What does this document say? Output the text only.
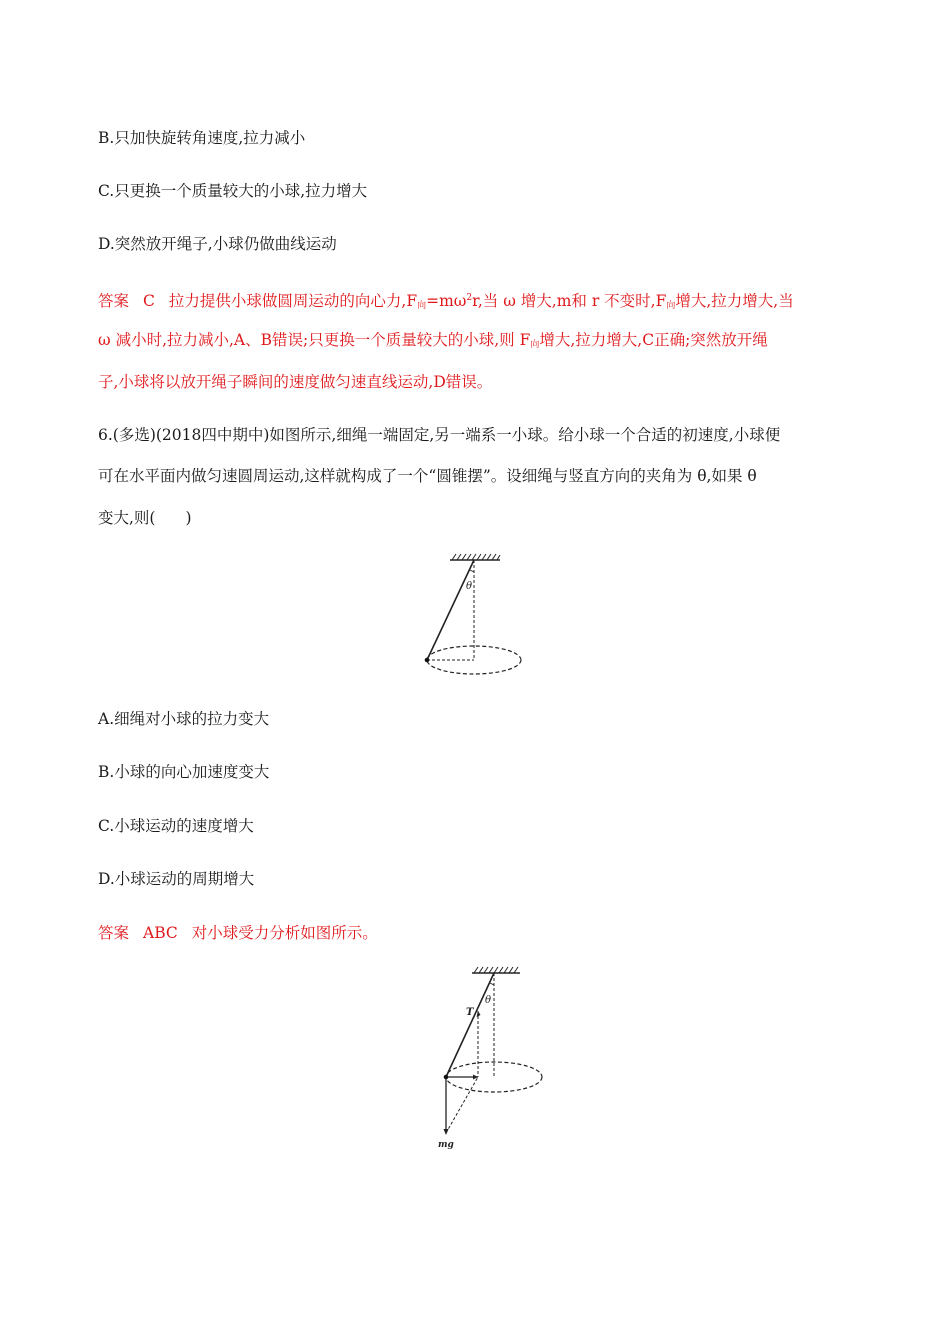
B.只加快旋转角速度,拉力减小
C.只更换一个质量较大的小球,拉力增大
D.突然放开绳子,小球仍做曲线运动
答案 C 拉力提供小球做圆周运动的向心力$,F_向=m\omega^2r$,当 ω 增大,m和 r 不变时$,F_向$增大,拉力增大,当
ω 减小时,拉力减小,A、B错误;只更换一个质量较大的小球,则 $F_向$增大,拉力增大,C正确;突然放开绳
子,小球将以放开绳子瞬间的速度做匀速直线运动,D错误。
6.(多选)(2018四中期中)如图所示,细绳一端固定,另一端系一小球。给小球一个合适的初速度,小球便
可在水平面内做匀速圆周运动,这样就构成了一个“圆锥摆”。设细绳与竖直方向的夹角为 θ,如果 θ
变大,则( )
θ
A.细绳对小球的拉力变大
B.小球的向心加速度变大
C.小球运动的速度增大
D.小球运动的周期增大
答案 ABC 对小球受力分析如图所示。
θ
T
mg
